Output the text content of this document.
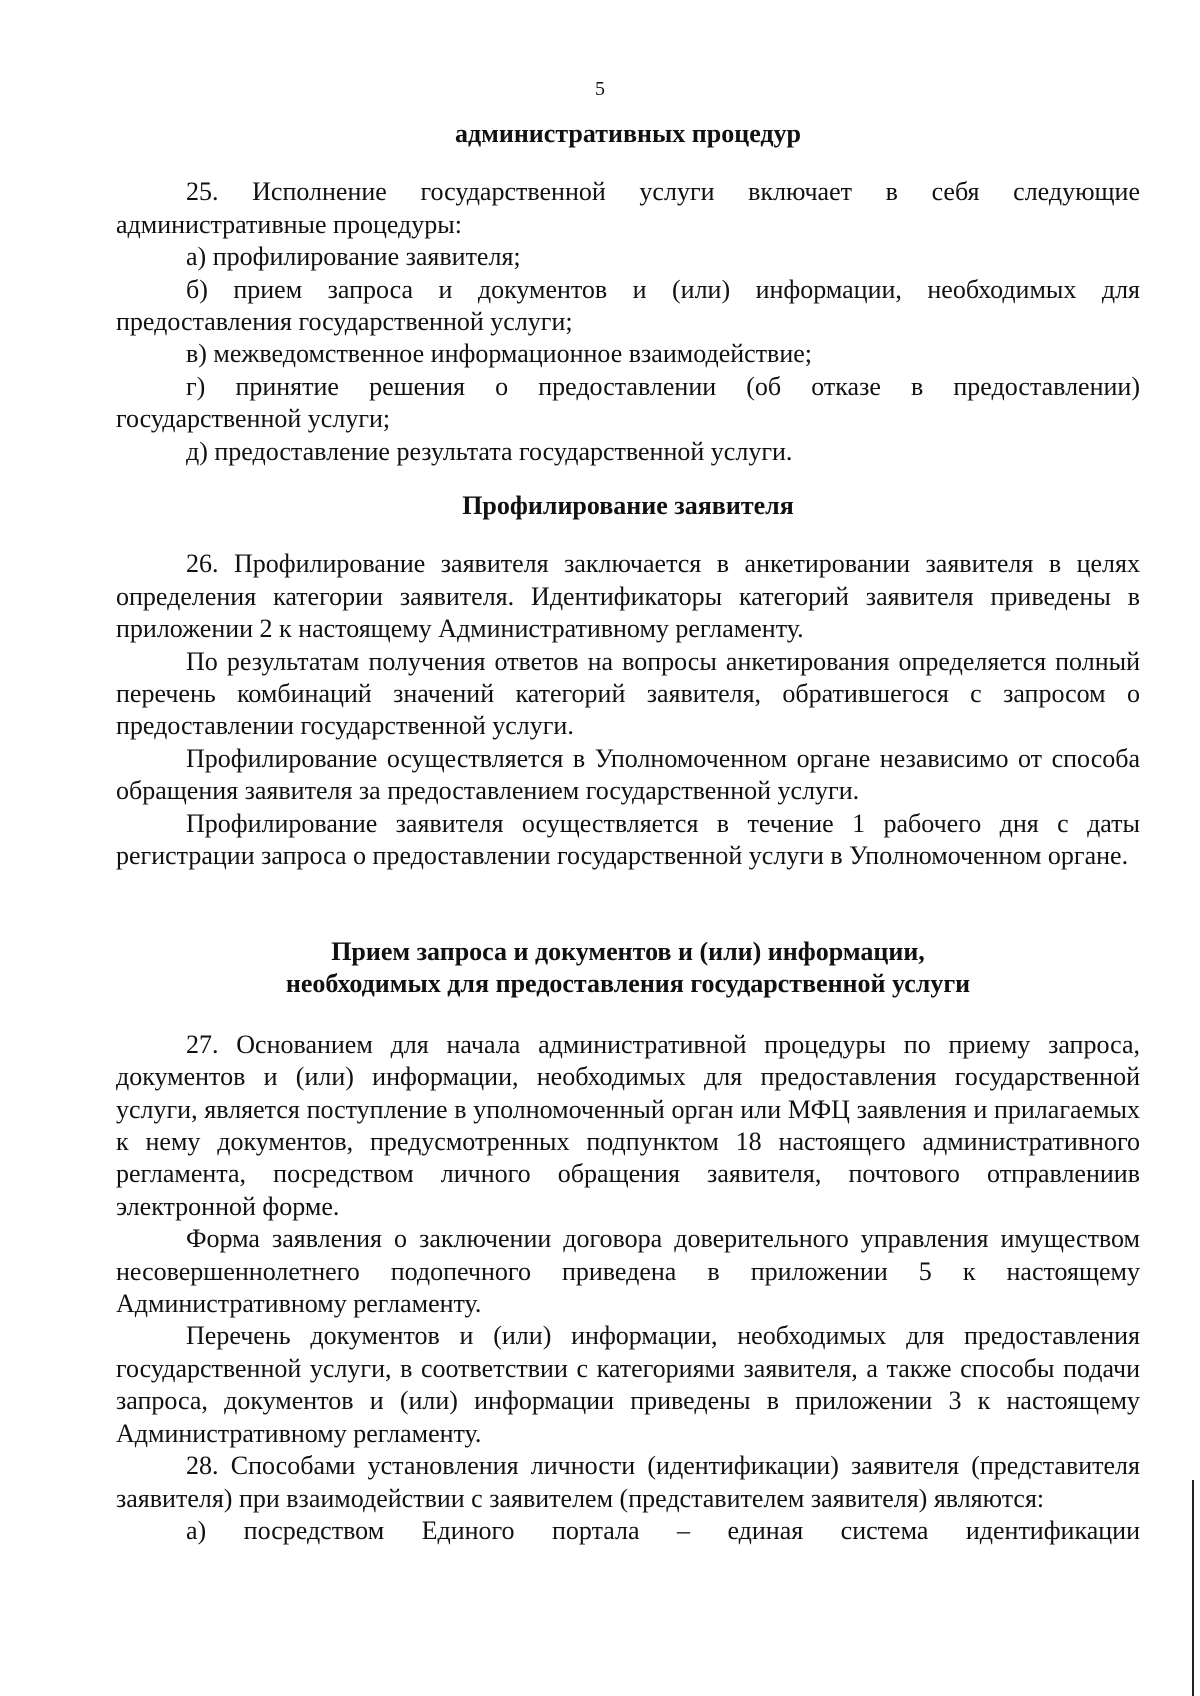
5

административных процедур

25. Исполнение государственной услуги включает в себя следующие административные процедуры:

а) профилирование заявителя;

б) прием запроса и документов и (или) информации, необходимых для предоставления государственной услуги;

в) межведомственное информационное взаимодействие;

г) принятие решения о предоставлении (об отказе в предоставлении) государственной услуги;

д) предоставление результата государственной услуги.

Профилирование заявителя

26. Профилирование заявителя заключается в анкетировании заявителя в целях определения категории заявителя. Идентификаторы категорий заявителя приведены в приложении 2 к настоящему Административному регламенту.

По результатам получения ответов на вопросы анкетирования определяется полный перечень комбинаций значений категорий заявителя, обратившегося с запросом о предоставлении государственной услуги.

Профилирование осуществляется в Уполномоченном органе независимо от способа обращения заявителя за предоставлением государственной услуги.

Профилирование заявителя осуществляется в течение 1 рабочего дня с даты регистрации запроса о предоставлении государственной услуги в Уполномоченном органе.

Прием запроса и документов и (или) информации,

необходимых для предоставления государственной услуги

27. Основанием для начала административной процедуры по приему запроса, документов и (или) информации, необходимых для предоставления государственной услуги, является поступление в уполномоченный орган или МФЦ заявления и прилагаемых к нему документов, предусмотренных подпунктом 18 настоящего административного регламента, посредством личного обращения заявителя, почтового отправлениив электронной форме.

Форма заявления о заключении договора доверительного управления имуществом несовершеннолетнего подопечного приведена в приложении 5 к настоящему Административному регламенту.

Перечень документов и (или) информации, необходимых для предоставления государственной услуги, в соответствии с категориями заявителя, а также способы подачи запроса, документов и (или) информации приведены в приложении 3 к настоящему Административному регламенту.

28. Способами установления личности (идентификации) заявителя (представителя заявителя) при взаимодействии с заявителем (представителем заявителя) являются:

а) посредством Единого портала – единая система идентификации
